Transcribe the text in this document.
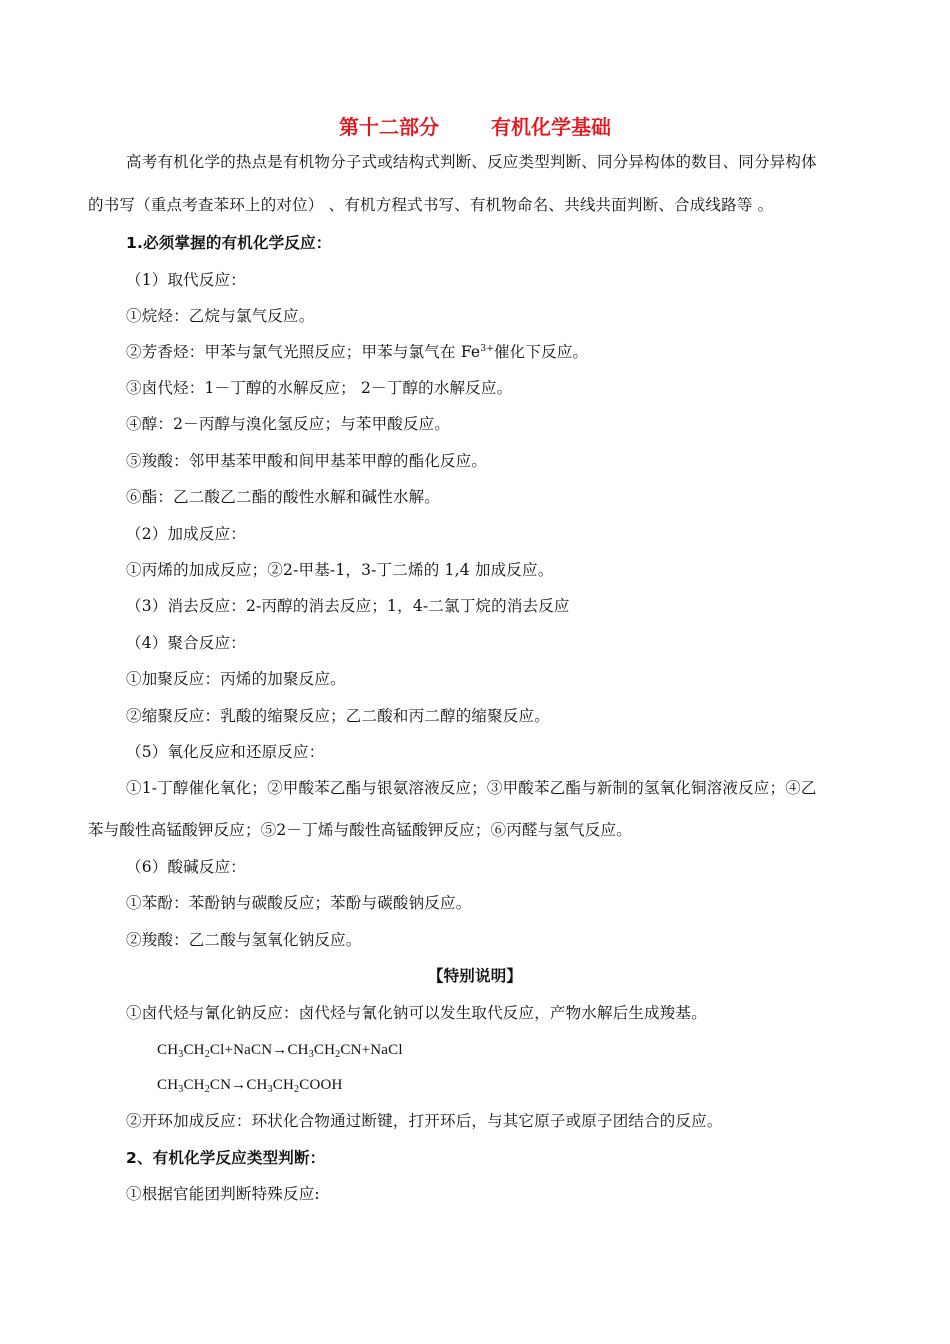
第十二部分	有机化学基础
高考有机化学的热点是有机物分子式或结构式判断、反应类型判断、同分异构体的数目、同分异构体
的书写（重点考查苯环上的对位） 、有机方程式书写、有机物命名、共线共面判断、合成线路等 。
1.必须掌握的有机化学反应：
（1）取代反应：
①烷烃：乙烷与氯气反应。
②芳香烃：甲苯与氯气光照反应；甲苯与氯气在 $Fe^{3+}$催化下反应。
③卤代烃：1－丁醇的水解反应； 2－丁醇的水解反应。
④醇：2－丙醇与溴化氢反应；与苯甲酸反应。
⑤羧酸：邻甲基苯甲酸和间甲基苯甲醇的酯化反应。
⑥酯：乙二酸乙二酯的酸性水解和碱性水解。
（2）加成反应：
①丙烯的加成反应；②2-甲基-1，3-丁二烯的 1,4 加成反应。
（3）消去反应：2-丙醇的消去反应；1，4-二氯丁烷的消去反应
（4）聚合反应：
①加聚反应：丙烯的加聚反应。
②缩聚反应：乳酸的缩聚反应；乙二酸和丙二醇的缩聚反应。
（5）氧化反应和还原反应：
①1-丁醇催化氧化；②甲酸苯乙酯与银氨溶液反应；③甲酸苯乙酯与新制的氢氧化铜溶液反应；④乙
苯与酸性高锰酸钾反应；⑤2－丁烯与酸性高锰酸钾反应；⑥丙醛与氢气反应。
（6）酸碱反应：
①苯酚：苯酚钠与碳酸反应；苯酚与碳酸钠反应。
②羧酸：乙二酸与氢氧化钠反应。
【特别说明】
①卤代烃与氰化钠反应：卤代烃与氰化钠可以发生取代反应，产物水解后生成羧基。
$CH_3CH_2Cl+NaCN\to CH_3CH_2CN+NaCl$
$CH_3CH_2CN\to CH_3CH_2COOH$
②开环加成反应：环状化合物通过断键，打开环后，与其它原子或原子团结合的反应。
2、有机化学反应类型判断：
①根据官能团判断特殊反应:
